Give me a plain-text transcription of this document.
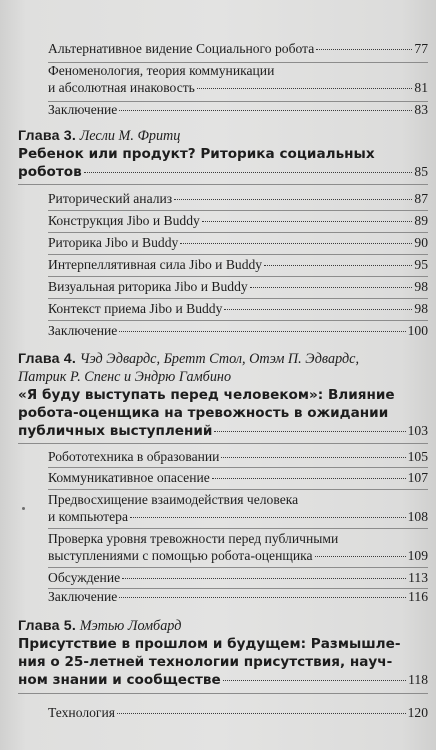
Альтернативное видение Социального робота	77
Феноменология, теория коммуникации
и абсолютная инаковость	81
Заключение	83
Глава 3. Лесли М. Фритц
Ребенок или продукт? Риторика социальных
роботов	85
Риторический анализ	87
Конструкция Jibo и Buddy	89
Риторика Jibo и Buddy	90
Интерпеллятивная сила Jibo и Buddy	95
Визуальная риторика Jibo и Buddy	98
Контекст приема Jibo и Buddy	98
Заключение	100
Глава 4. Чэд Эдвардс, Бретт Стол, Отэм П. Эдвардс,
Патрик Р. Спенс и Эндрю Гамбино
«Я буду выступать перед человеком»: Влияние
робота-оценщика на тревожность в ожидании
публичных выступлений	103
Робототехника в образовании	105
Коммуникативное опасение	107
Предвосхищение взаимодействия человека
и компьютера	108
Проверка уровня тревожности перед публичными
выступлениями с помощью робота-оценщика	109
Обсуждение	113
Заключение	116
Глава 5. Мэтью Ломбард
Присутствие в прошлом и будущем: Размышле-
ния о 25-летней технологии присутствия, науч-
ном знании и сообществе	118
Технология	120
